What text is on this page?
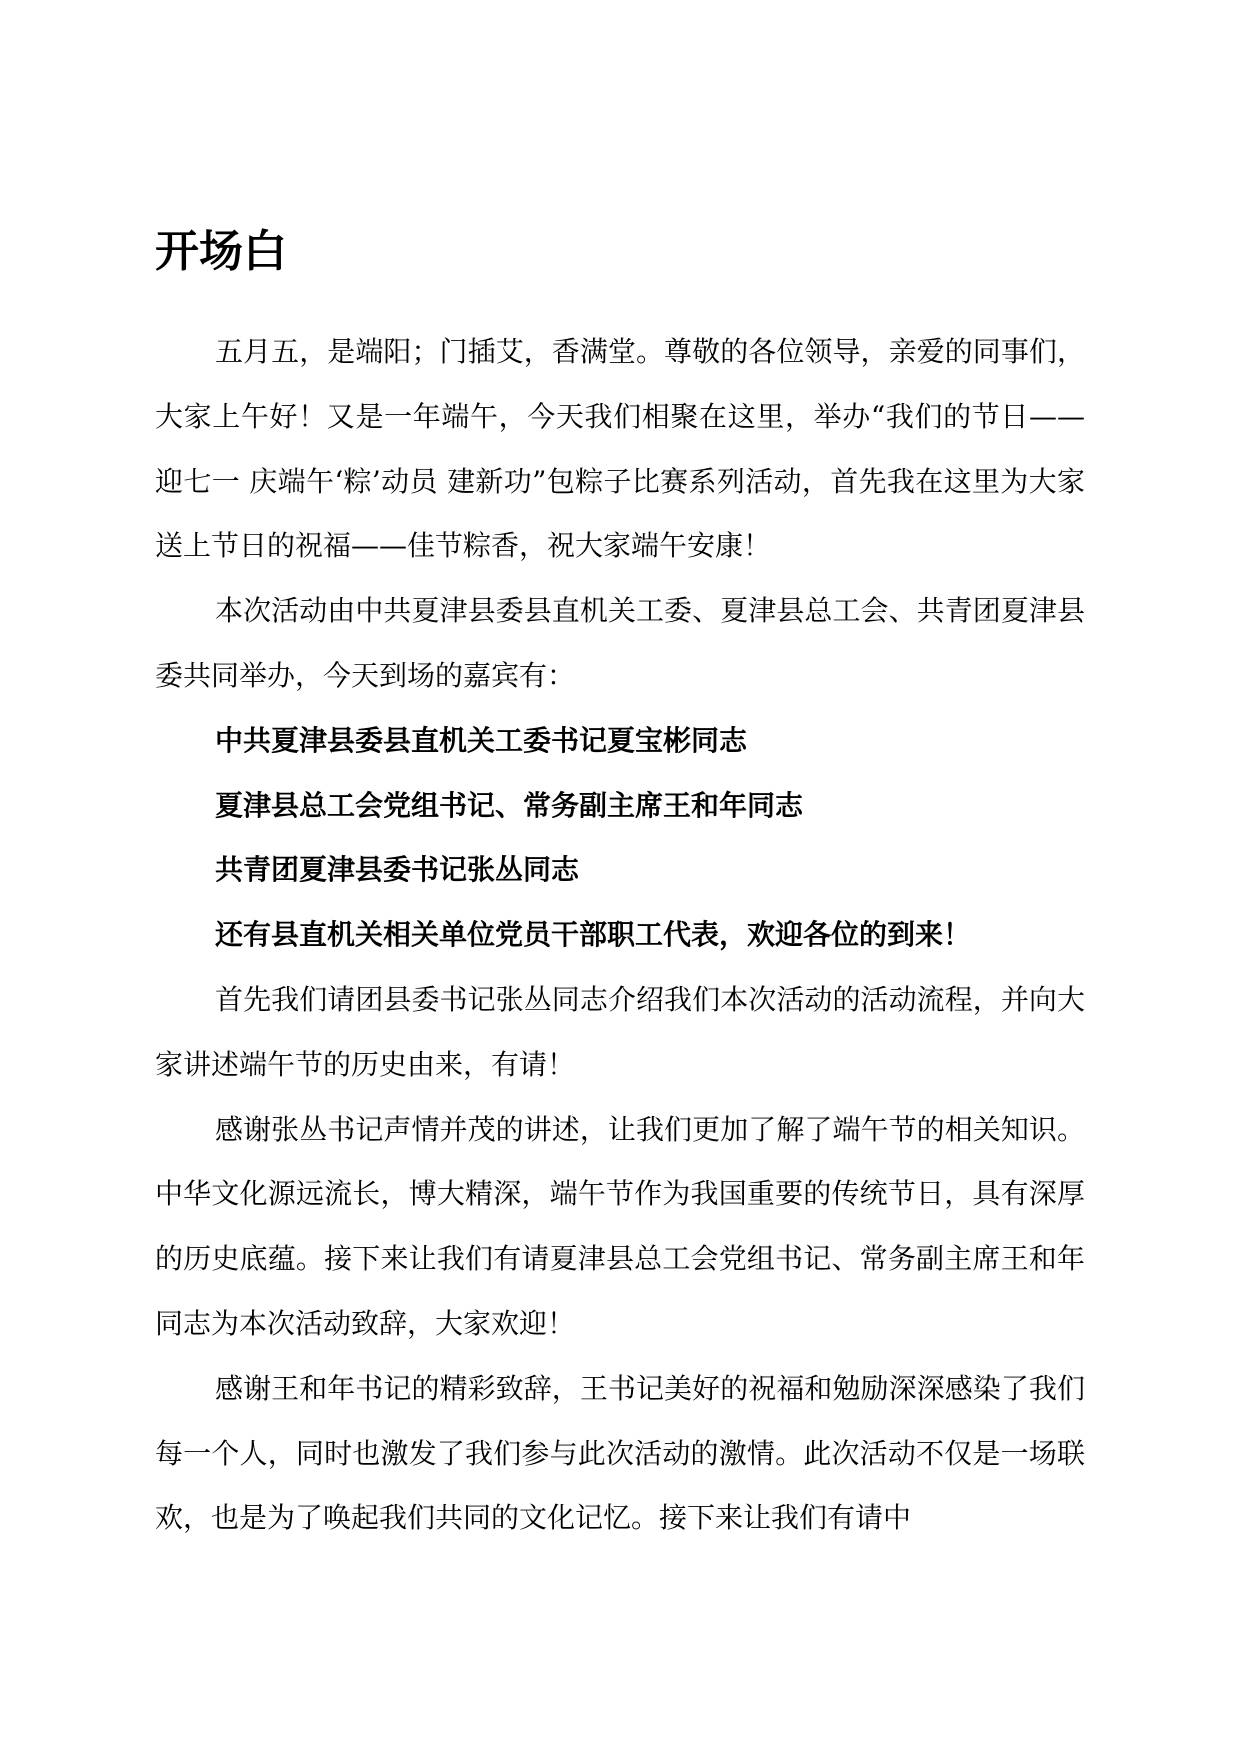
开场白

五月五，是端阳；门插艾，香满堂。尊敬的各位领导，亲爱的同事们，大家上午好！又是一年端午，今天我们相聚在这里，举办“我们的节日——迎七一 庆端午‘粽’动员 建新功”包粽子比赛系列活动，首先我在这里为大家送上节日的祝福——佳节粽香，祝大家端午安康！

本次活动由中共夏津县委县直机关工委、夏津县总工会、共青团夏津县委共同举办，今天到场的嘉宾有：

中共夏津县委县直机关工委书记夏宝彬同志

夏津县总工会党组书记、常务副主席王和年同志

共青团夏津县委书记张丛同志

还有县直机关相关单位党员干部职工代表，欢迎各位的到来！

首先我们请团县委书记张丛同志介绍我们本次活动的活动流程，并向大家讲述端午节的历史由来，有请！

感谢张丛书记声情并茂的讲述，让我们更加了解了端午节的相关知识。中华文化源远流长，博大精深，端午节作为我国重要的传统节日，具有深厚的历史底蕴。接下来让我们有请夏津县总工会党组书记、常务副主席王和年同志为本次活动致辞，大家欢迎！

感谢王和年书记的精彩致辞，王书记美好的祝福和勉励深深感染了我们每一个人，同时也激发了我们参与此次活动的激情。此次活动不仅是一场联欢，也是为了唤起我们共同的文化记忆。接下来让我们有请中
